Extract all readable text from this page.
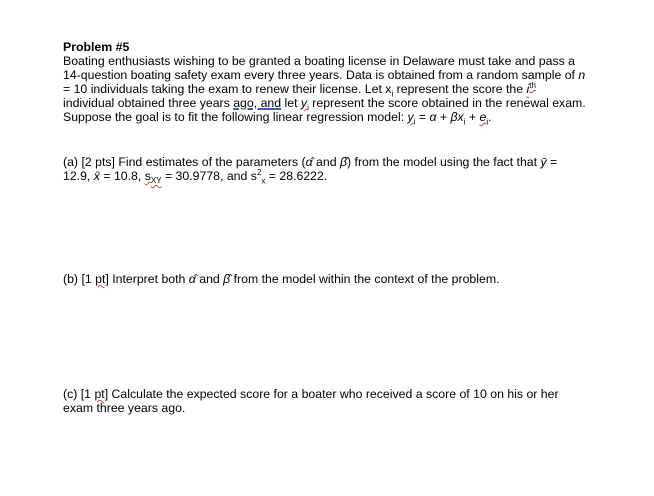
Problem #5
Boating enthusiasts wishing to be granted a boating license in Delaware must take and pass a
14-question boating safety exam every three years. Data is obtained from a random sample of n
= 10 individuals taking the exam to renew their license. Let $x_i$ represent the score the $i^{th}$
individual obtained three years ago, and let $y_i$ represent the score obtained in the renewal exam.
Suppose the goal is to fit the following linear regression model: $y_i = \alpha + \beta x_i + e_i$.
(a) [2 pts] Find estimates of the parameters (α̂ and β̂) from the model using the fact that ȳ =
12.9, x̄ = 10.8, $s_{XY} = 30.9778$, and $s^2_x = 28.6222$.
(b) [1 pt] Interpret both α̂ and β̂ from the model within the context of the problem.
(c) [1 pt] Calculate the expected score for a boater who received a score of 10 on his or her
exam three years ago.
